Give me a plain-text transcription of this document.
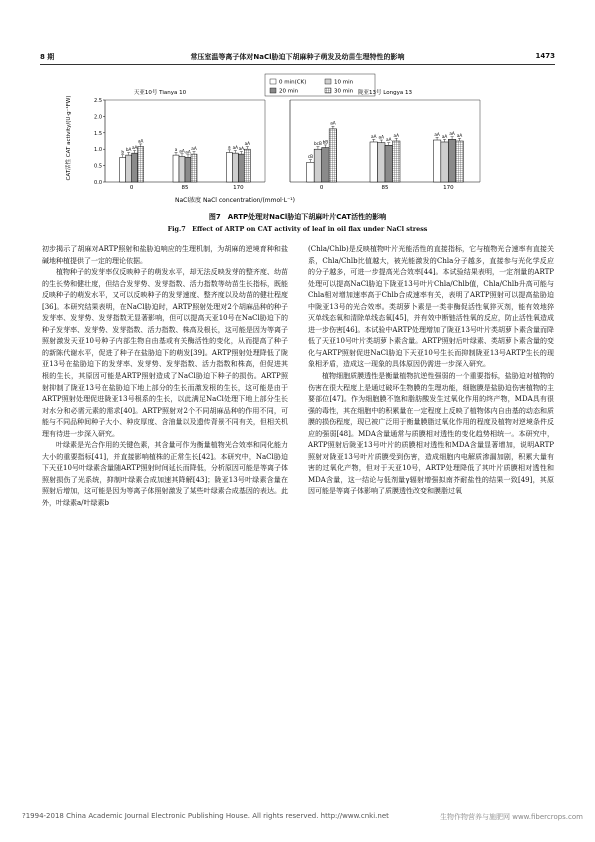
8 期	常压室温等离子体对NaCl胁迫下胡麻种子萌发及幼苗生理特性的影响	1473
0 min(CK)	10 min
20 min	30 min
0.0
0.5
1.0
1.5
2.0
2.5
天亚10号 Tianya 10
0
b bA aA
aA
85
a aA aA
aA
170
a aA aA
aA
陇亚13号 Longya 13
0
cB
bcB bB
aA
85
aA aA
aA
aA
170
aA aA
aA aA
NaCl浓度 NaCl concentration/(mmol·L⁻¹)
CAT活性 CAT activity/(U·g⁻¹FW)
图7　ARTP处理对NaCl胁迫下胡麻叶片CAT活性的影响
Fig.7　Effect of ARTP on CAT activity of leaf in oil flax under NaCl stress

初步揭示了胡麻对ARTP照射和盐胁迫响应的生理机制，为胡麻的逆境育种和盐碱地种植提供了一定的理论依据。

植物种子的发芽率仅反映种子的萌发水平，却无法反映发芽的整齐度、幼苗的生长势和健壮度，但结合发芽势、发芽指数、活力指数等幼苗生长指标，既能反映种子的萌发水平，又可以反映种子的发芽速度、整齐度以及幼苗的健壮程度[36]。本研究结果表明，在NaCl胁迫时，ARTP照射处理对2个胡麻品种的种子发芽率、发芽势、发芽指数无显著影响，但可以提高天亚10号在NaCl胁迫下的种子发芽率、发芽势、发芽指数、活力指数、株高及根长，这可能是因为等离子照射激发天亚10号种子内部生物自由基或有关酶活性的变化，从而提高了种子的新陈代谢水平，促进了种子在盐胁迫下的萌发[39]。ARTP照射处理降低了陇亚13号在盐胁迫下的发芽率、发芽势、发芽指数、活力指数和株高，但促进其根的生长，其原因可能是ARTP照射造成了NaCl胁迫下种子的损伤。ARTP照射抑制了陇亚13号在盐胁迫下地上部分的生长而激发根的生长，这可能是由于ARTP照射处理促进陇亚13号根系的生长，以此满足NaCl处理下地上部分生长对水分和必需元素的需求[40]。ARTP照射对2个不同胡麻品种的作用不同，可能与不同品种间种子大小、种皮厚度、含油量以及遗传背景不同有关，但相关机理有待进一步深入研究。

叶绿素是光合作用的关键色素，其含量可作为衡量植物光合效率和同化能力大小的重要指标[41]，并直接影响植株的正常生长[42]。本研究中，NaCl胁迫下天亚10号叶绿素含量随ARTP照射时间延长而降低，分析原因可能是等离子体照射损伤了光系统，抑制叶绿素合成加速其降解[43]；陇亚13号叶绿素含量在照射后增加，这可能是因为等离子体照射激发了某些叶绿素合成基因的表达。此外，叶绿素a/叶绿素b

(Chla/Chlb)是反映植物叶片光能活性的直接指标，它与植物光合速率有直接关系，Chla/Chlb比值越大，被光能激发的Chla分子越多，直接参与光化学反应的分子越多，可进一步提高光合效率[44]。本试验结果表明，一定剂量的ARTP处理可以提高NaCl胁迫下陇亚13号叶片Chla/Chlb值，Chla/Chlb升高可能与Chla相对增加速率高于Chlb合成速率有关，表明了ARTP照射可以提高盐胁迫中陇亚13号的光合效率。类胡萝卜素是一类非酶促活性氧猝灭剂，能有效地猝灭单线态氧和清除单线态氧[45]，并有效中断链活性氧的反应，防止活性氧造成进一步伤害[46]。本试验中ARTP处理增加了陇亚13号叶片类胡萝卜素含量而降低了天亚10号叶片类胡萝卜素含量。ARTP照射后叶绿素、类胡萝卜素含量的变化与ARTP照射促进NaCl胁迫下天亚10号生长而抑制陇亚13号ARTP生长的现象相矛盾，造成这一现象的具体原因仍需进一步深入研究。

植物细胞质膜透性是衡量植物抗逆性强弱的一个重要指标，盐胁迫对植物的伤害在很大程度上是通过破坏生物膜的生理功能，细胞膜是盐胁迫伤害植物的主要部位[47]。作为细胞膜不饱和脂肪酸发生过氧化作用的终产物，MDA具有很强的毒性，其在细胞中的积累量在一定程度上反映了植物体内自由基的动态和质膜的损伤程度，现已被广泛用于衡量膜脂过氧化作用的程度及植物对逆境条件反应的强弱[48]。MDA含量通常与质膜相对透性的变化趋势相统一。本研究中，ARTP照射后陇亚13号叶片的质膜相对透性和MDA含量显著增加，说明ARTP照射对陇亚13号叶片质膜受到伤害，造成细胞内电解质渗漏加剧，积累大量有害的过氧化产物，但对于天亚10号，ARTP处理降低了其叶片质膜相对透性和MDA含量，这一结论与低剂量γ辐射增强拟南芥耐盐性的结果一致[49]，其原因可能是等离子体影响了质膜透性改变和膜脂过氧

?1994-2018 China Academic Journal Electronic Publishing House. All rights reserved. http://www.cnki.net	生物作物营养与施肥网 www.fibercrops.com
